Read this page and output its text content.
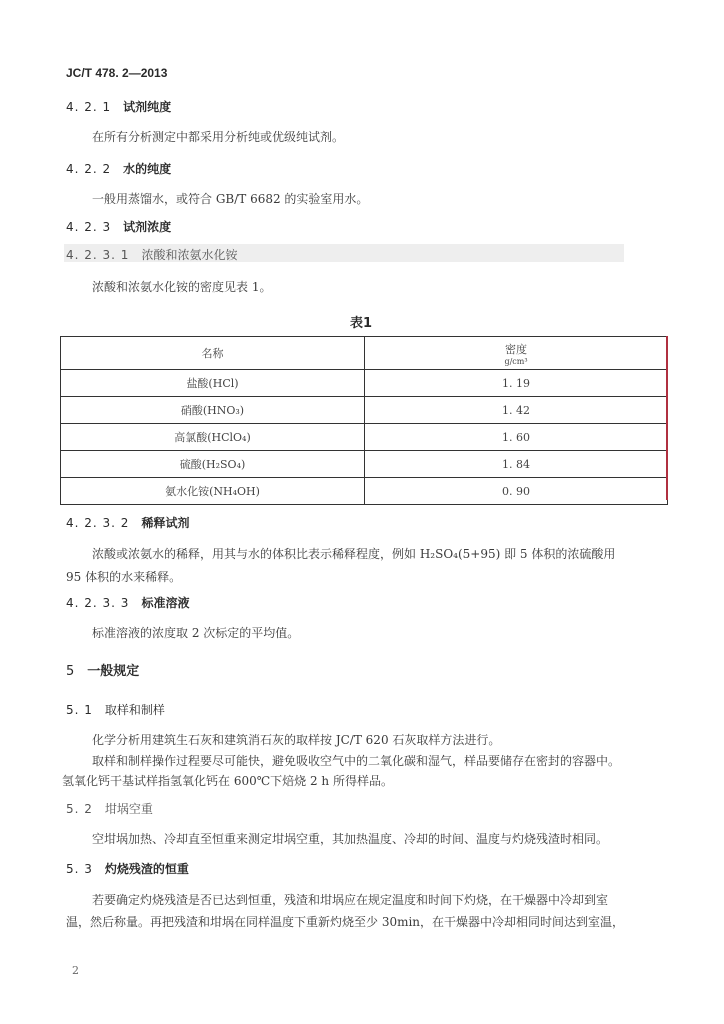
JC/T 478. 2—2013
4. 2. 1 试剂纯度
在所有分析测定中都采用分析纯或优级纯试剂。
4. 2. 2 水的纯度
一般用蒸馏水，或符合 GB/T 6682 的实验室用水。
4. 2. 3 试剂浓度
4. 2. 3. 1 浓酸和浓氨水化铵
浓酸和浓氨水化铵的密度见表 1。
表1
名称	密度
g/cm³

盐酸(HCl)	1. 19
硝酸(HNO₃)	1. 42
高氯酸(HClO₄)	1. 60
硫酸(H₂SO₄)	1. 84
氨水化铵(NH₄OH)	0. 90
4. 2. 3. 2 稀释试剂
浓酸或浓氨水的稀释，用其与水的体积比表示稀释程度，例如 H₂SO₄(5+95) 即 5 体积的浓硫酸用
95 体积的水来稀释。
4. 2. 3. 3 标准溶液
标准溶液的浓度取 2 次标定的平均值。
5 一般规定
5. 1 取样和制样
化学分析用建筑生石灰和建筑消石灰的取样按 JC/T 620 石灰取样方法进行。
取样和制样操作过程要尽可能快，避免吸收空气中的二氧化碳和湿气，样品要储存在密封的容器中。
氢氧化钙干基试样指氢氧化钙在 600℃下焙烧 2 h 所得样品。
5. 2 坩埚空重
空坩埚加热、冷却直至恒重来测定坩埚空重，其加热温度、冷却的时间、温度与灼烧残渣时相同。
5. 3 灼烧残渣的恒重
若要确定灼烧残渣是否已达到恒重，残渣和坩埚应在规定温度和时间下灼烧，在干燥器中冷却到室
温，然后称量。再把残渣和坩埚在同样温度下重新灼烧至少 30min，在干燥器中冷却相同时间达到室温，
2
